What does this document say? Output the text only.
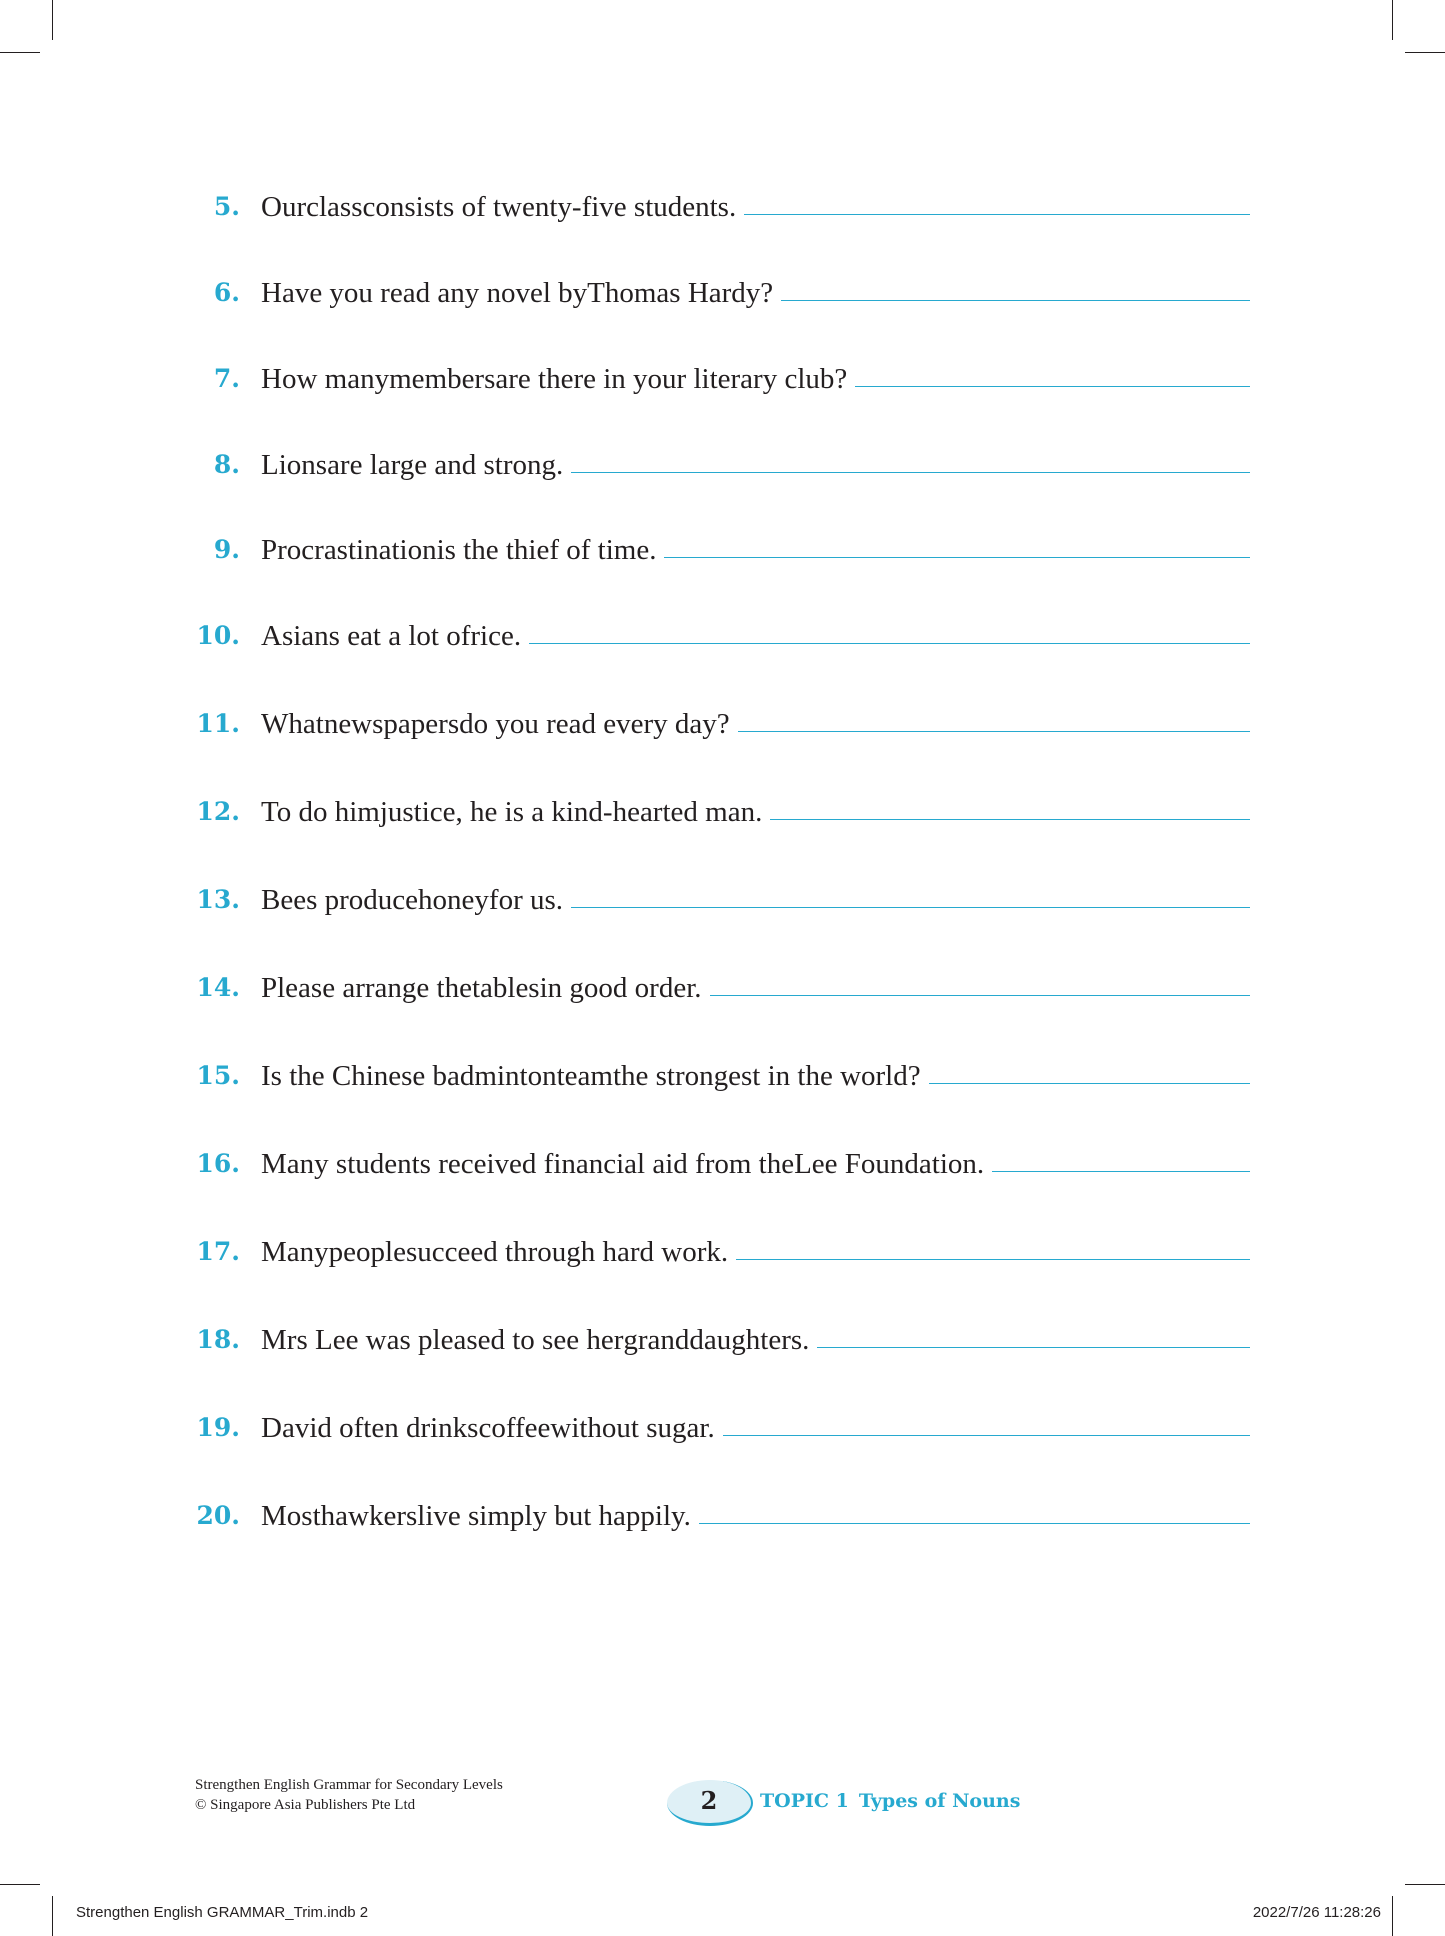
5. Our class consists of twenty-five students.
6. Have you read any novel by Thomas Hardy ?
7. How many members are there in your literary club?
8. Lions are large and strong.
9. Procrastination is the thief of time.
10. Asians eat a lot of rice .
11. What newspapers do you read every day?
12. To do him justice , he is a kind-hearted man.
13. Bees produce honey for us.
14. Please arrange the tables in good order.
15. Is the Chinese badminton team the strongest in the world?
16. Many students received financial aid from the Lee Foundation .
17. Many people succeed through hard work.
18. Mrs Lee was pleased to see her granddaughters .
19. David often drinks coffee without sugar.
20. Most hawkers live simply but happily.
Strengthen English Grammar for Secondary Levels
© Singapore Asia Publishers Pte Ltd	2	TOPIC 1 Types of Nouns
Strengthen English GRAMMAR_Trim.indb 2	2022/7/26 11:28:26
